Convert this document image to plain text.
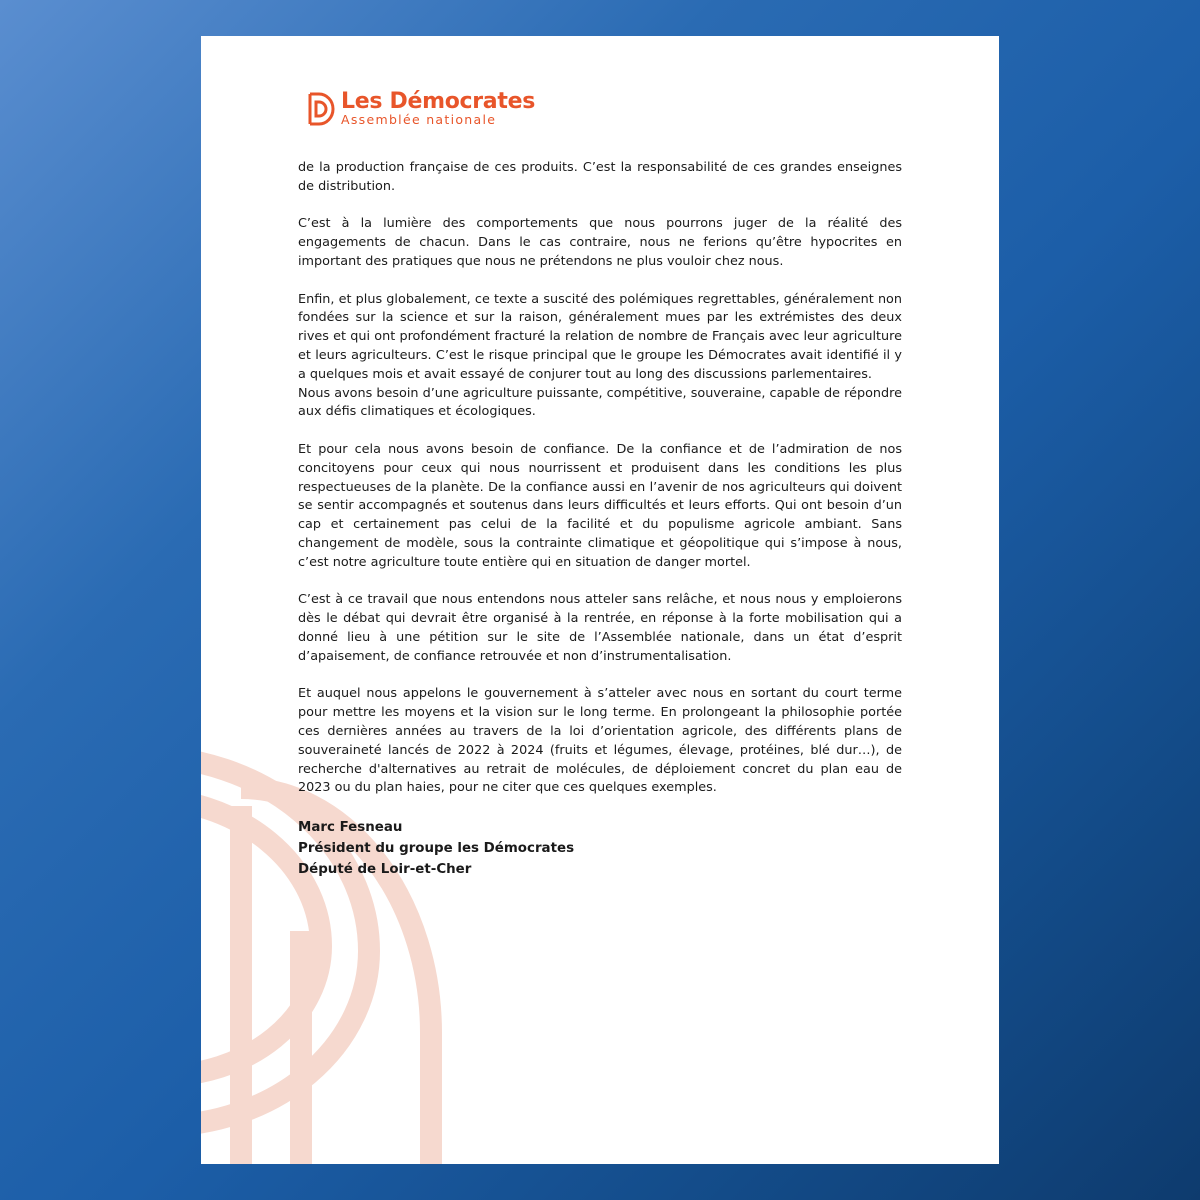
Les Démocrates
Assemblée nationale

de la production française de ces produits. C’est la responsabilité de ces grandes enseignes de distribution.

C’est à la lumière des comportements que nous pourrons juger de la réalité des engagements de chacun. Dans le cas contraire, nous ne ferions qu’être hypocrites en important des pratiques que nous ne prétendons ne plus vouloir chez nous.

Enfin, et plus globalement, ce texte a suscité des polémiques regrettables, généralement non fondées sur la science et sur la raison, généralement mues par les extrémistes des deux rives et qui ont profondément fracturé la relation de nombre de Français avec leur agriculture et leurs agriculteurs. C’est le risque principal que le groupe les Démocrates avait identifié il y a quelques mois et avait essayé de conjurer tout au long des discussions parlementaires.

Nous avons besoin d’une agriculture puissante, compétitive, souveraine, capable de répondre aux défis climatiques et écologiques.

Et pour cela nous avons besoin de confiance. De la confiance et de l’admiration de nos concitoyens pour ceux qui nous nourrissent et produisent dans les conditions les plus respectueuses de la planète. De la confiance aussi en l’avenir de nos agriculteurs qui doivent se sentir accompagnés et soutenus dans leurs difficultés et leurs efforts. Qui ont besoin d’un cap et certainement pas celui de la facilité et du populisme agricole ambiant. Sans changement de modèle, sous la contrainte climatique et géopolitique qui s’impose à nous, c’est notre agriculture toute entière qui en situation de danger mortel.

C’est à ce travail que nous entendons nous atteler sans relâche, et nous nous y emploierons dès le débat qui devrait être organisé à la rentrée, en réponse à la forte mobilisation qui a donné lieu à une pétition sur le site de l’Assemblée nationale, dans un état d’esprit d’apaisement, de confiance retrouvée et non d’instrumentalisation.

Et auquel nous appelons le gouvernement à s’atteler avec nous en sortant du court terme pour mettre les moyens et la vision sur le long terme. En prolongeant la philosophie portée ces dernières années au travers de la loi d’orientation agricole, des différents plans de souveraineté lancés de 2022 à 2024 (fruits et légumes, élevage, protéines, blé dur…), de recherche d'alternatives au retrait de molécules, de déploiement concret du plan eau de 2023 ou du plan haies, pour ne citer que ces quelques exemples.

Marc Fesneau
Président du groupe les Démocrates
Député de Loir-et-Cher
